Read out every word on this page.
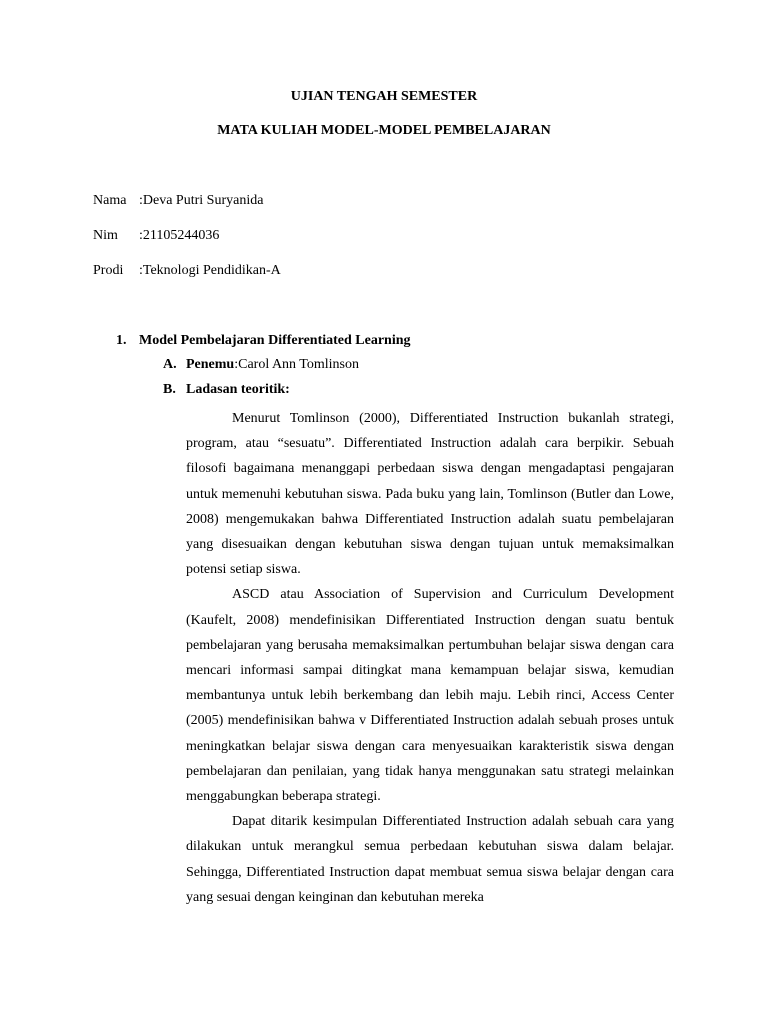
UJIAN TENGAH SEMESTER
MATA KULIAH MODEL-MODEL PEMBELAJARAN
Nama :Deva Putri Suryanida
Nim :21105244036
Prodi :Teknologi Pendidikan-A
1. Model Pembelajaran Differentiated Learning
A. Penemu:Carol Ann Tomlinson
B. Ladasan teoritik:

Menurut Tomlinson (2000), Differentiated Instruction bukanlah strategi, program, atau “sesuatu”. Differentiated Instruction adalah cara berpikir. Sebuah filosofi bagaimana menanggapi perbedaan siswa dengan mengadaptasi pengajaran untuk memenuhi kebutuhan siswa. Pada buku yang lain, Tomlinson (Butler dan Lowe, 2008) mengemukakan bahwa Differentiated Instruction adalah suatu pembelajaran yang disesuaikan dengan kebutuhan siswa dengan tujuan untuk memaksimalkan potensi setiap siswa.

ASCD atau Association of Supervision and Curriculum Development (Kaufelt, 2008) mendefinisikan Differentiated Instruction dengan suatu bentuk pembelajaran yang berusaha memaksimalkan pertumbuhan belajar siswa dengan cara mencari informasi sampai ditingkat mana kemampuan belajar siswa, kemudian membantunya untuk lebih berkembang dan lebih maju. Lebih rinci, Access Center (2005) mendefinisikan bahwa v Differentiated Instruction adalah sebuah proses untuk meningkatkan belajar siswa dengan cara menyesuaikan karakteristik siswa dengan pembelajaran dan penilaian, yang tidak hanya menggunakan satu strategi melainkan menggabungkan beberapa strategi.

Dapat ditarik kesimpulan Differentiated Instruction adalah sebuah cara yang dilakukan untuk merangkul semua perbedaan kebutuhan siswa dalam belajar. Sehingga, Differentiated Instruction dapat membuat semua siswa belajar dengan cara yang sesuai dengan keinginan dan kebutuhan mereka
